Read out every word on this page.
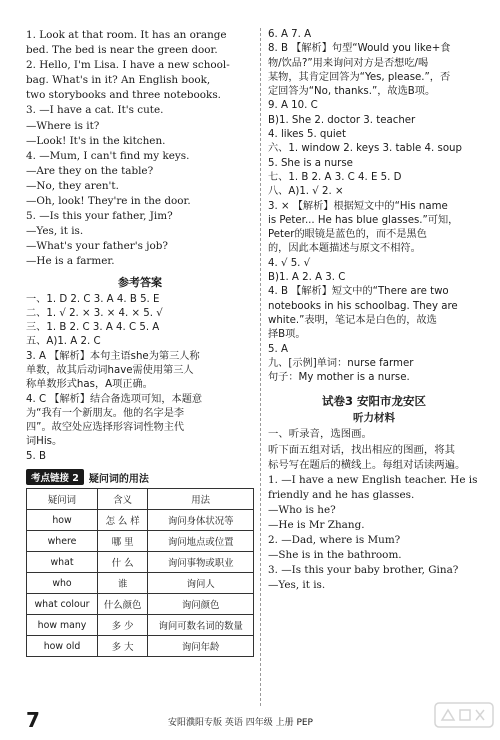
1. Look at that room. It has an orange
bed. The bed is near the green door.
2. Hello, I'm Lisa. I have a new school-
bag. What's in it? An English book,
two storybooks and three notebooks.
3. —I have a cat. It's cute.
—Where is it?
—Look! It's in the kitchen.
4. —Mum, I can't find my keys.
—Are they on the table?
—No, they aren't.
—Oh, look! They're in the door.
5. —Is this your father, Jim?
—Yes, it is.
—What's your father's job?
—He is a farmer.
参考答案
一、1. D 2. C 3. A 4. B 5. E
二、1. √ 2. × 3. × 4. × 5. √
三、1. B 2. C 3. A 4. C 5. A
五、A)1. A 2. C
3. A 【解析】本句主语she为第三人称
单数，故其后动词have需使用第三人
称单数形式has，A项正确。
4. C 【解析】结合备选项可知，本题意
为“我有一个新朋友。他的名字是李
四”。故空处应选择形容词性物主代
词His。
5. B
考点链接 2	疑问词的用法
疑问词	含义	用法
how	怎 么 样	询问身体状况等
where	哪 里	询问地点或位置
what	什 么	询问事物或职业
who	谁	询问人
what colour	什么颜色	询问颜色
how many	多 少	询问可数名词的数量
how old	多 大	询问年龄
6. A 7. A
8. B 【解析】句型“Would you like+食
物/饮品?”用来询问对方是否想吃/喝
某物，其肯定回答为“Yes, please.”，否
定回答为“No, thanks.”，故选B项。
9. A 10. C
B)1. She 2. doctor 3. teacher
4. likes 5. quiet
六、1. window 2. keys 3. table 4. soup
5. She is a nurse
七、1. B 2. A 3. C 4. E 5. D
八、A)1. √ 2. ×
3. × 【解析】根据短文中的“His name
is Peter... He has blue glasses.”可知，
Peter的眼镜是蓝色的，而不是黑色
的，因此本题描述与原文不相符。
4. √ 5. √
B)1. A 2. A 3. C
4. B 【解析】短文中的“There are two
notebooks in his schoolbag. They are
white.”表明，笔记本是白色的，故选
择B项。
5. A
九、[示例]单词：nurse farmer
句子：My mother is a nurse.
试卷3 安阳市龙安区
听力材料
一、听录音，选图画。
听下面五组对话，找出相应的图画，将其
标号写在题后的横线上。每组对话读两遍。
1. —I have a new English teacher. He is
friendly and he has glasses.
—Who is he?
—He is Mr Zhang.
2. —Dad, where is Mum?
—She is in the bathroom.
3. —Is this your baby brother, Gina?
—Yes, it is.
7	安阳濮阳专版 英语 四年级 上册 PEP
